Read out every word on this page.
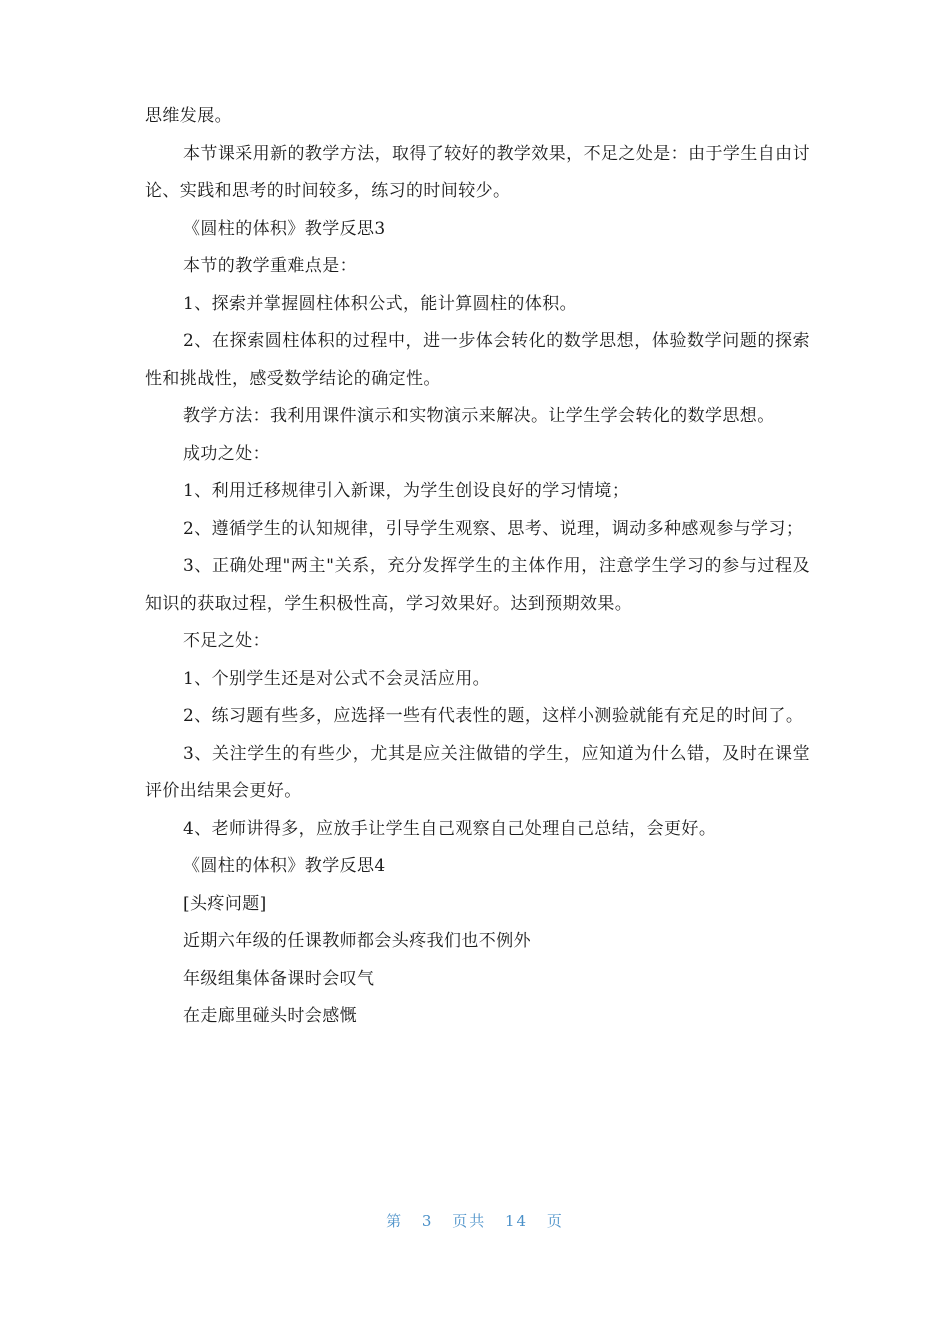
思维发展。

本节课采用新的教学方法，取得了较好的教学效果，不足之处是：由于学生自由讨论、实践和思考的时间较多，练习的时间较少。

《圆柱的体积》教学反思3

本节的教学重难点是：

1、探索并掌握圆柱体积公式，能计算圆柱的体积。

2、在探索圆柱体积的过程中，进一步体会转化的数学思想，体验数学问题的探索性和挑战性，感受数学结论的确定性。

教学方法：我利用课件演示和实物演示来解决。让学生学会转化的数学思想。

成功之处：

1、利用迁移规律引入新课，为学生创设良好的学习情境；

2、遵循学生的认知规律，引导学生观察、思考、说理，调动多种感观参与学习；

3、正确处理"两主"关系，充分发挥学生的主体作用，注意学生学习的参与过程及知识的获取过程，学生积极性高，学习效果好。达到预期效果。

不足之处：

1、个别学生还是对公式不会灵活应用。

2、练习题有些多，应选择一些有代表性的题，这样小测验就能有充足的时间了。

3、关注学生的有些少，尤其是应关注做错的学生，应知道为什么错，及时在课堂评价出结果会更好。

4、老师讲得多，应放手让学生自己观察自己处理自己总结，会更好。

《圆柱的体积》教学反思4

[头疼问题]

近期六年级的任课教师都会头疼我们也不例外

年级组集体备课时会叹气

在走廊里碰头时会感慨

第 3 页共 14 页
